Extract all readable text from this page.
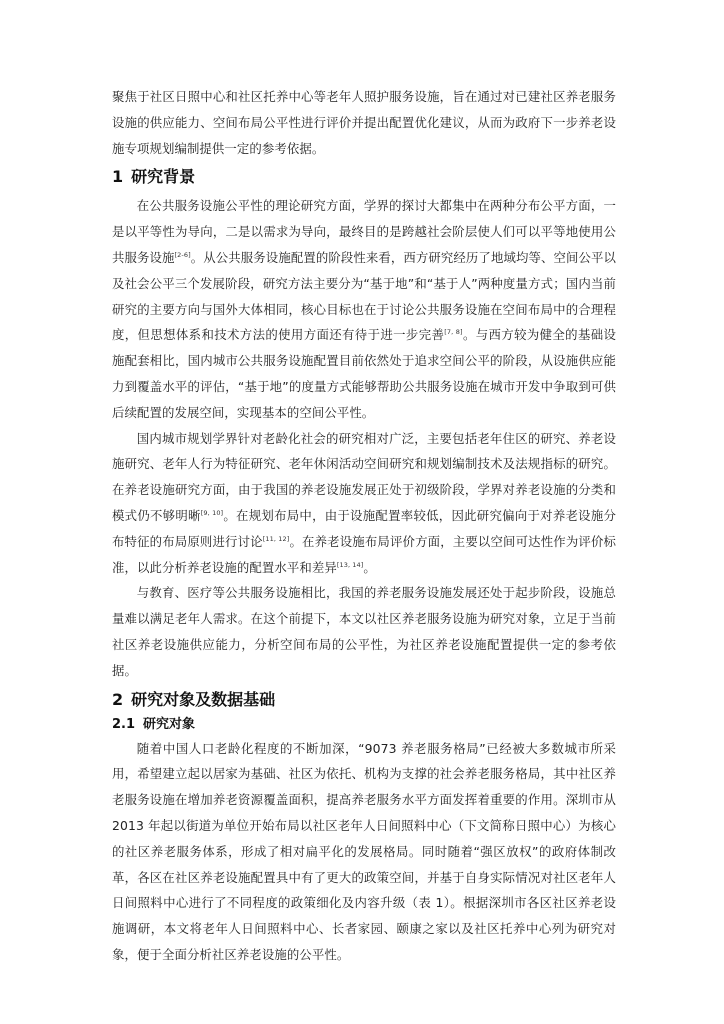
聚焦于社区日照中心和社区托养中心等老年人照护服务设施，旨在通过对已建社区养老服务设施的供应能力、空间布局公平性进行评价并提出配置优化建议，从而为政府下一步养老设施专项规划编制提供一定的参考依据。

1 研究背景

在公共服务设施公平性的理论研究方面，学界的探讨大都集中在两种分布公平方面，一是以平等性为导向，二是以需求为导向，最终目的是跨越社会阶层使人们可以平等地使用公共服务设施[2-6]。从公共服务设施配置的阶段性来看，西方研究经历了地域均等、空间公平以及社会公平三个发展阶段，研究方法主要分为“基于地”和“基于人”两种度量方式；国内当前研究的主要方向与国外大体相同，核心目标也在于讨论公共服务设施在空间布局中的合理程度，但思想体系和技术方法的使用方面还有待于进一步完善[7, 8]。与西方较为健全的基础设施配套相比，国内城市公共服务设施配置目前依然处于追求空间公平的阶段，从设施供应能力到覆盖水平的评估，“基于地”的度量方式能够帮助公共服务设施在城市开发中争取到可供后续配置的发展空间，实现基本的空间公平性。

国内城市规划学界针对老龄化社会的研究相对广泛，主要包括老年住区的研究、养老设施研究、老年人行为特征研究、老年休闲活动空间研究和规划编制技术及法规指标的研究。在养老设施研究方面，由于我国的养老设施发展正处于初级阶段，学界对养老设施的分类和模式仍不够明晰[9, 10]。在规划布局中，由于设施配置率较低，因此研究偏向于对养老设施分布特征的布局原则进行讨论[11, 12]。在养老设施布局评价方面，主要以空间可达性作为评价标准，以此分析养老设施的配置水平和差异[13, 14]。

与教育、医疗等公共服务设施相比，我国的养老服务设施发展还处于起步阶段，设施总量难以满足老年人需求。在这个前提下，本文以社区养老服务设施为研究对象，立足于当前社区养老设施供应能力，分析空间布局的公平性，为社区养老设施配置提供一定的参考依据。

2 研究对象及数据基础
2.1 研究对象

随着中国人口老龄化程度的不断加深，“9073 养老服务格局”已经被大多数城市所采用，希望建立起以居家为基础、社区为依托、机构为支撑的社会养老服务格局，其中社区养老服务设施在增加养老资源覆盖面积，提高养老服务水平方面发挥着重要的作用。深圳市从2013 年起以街道为单位开始布局以社区老年人日间照料中心（下文简称日照中心）为核心的社区养老服务体系，形成了相对扁平化的发展格局。同时随着“强区放权”的政府体制改革，各区在社区养老设施配置具中有了更大的政策空间，并基于自身实际情况对社区老年人日间照料中心进行了不同程度的政策细化及内容升级（表 1）。根据深圳市各区社区养老设施调研，本文将老年人日间照料中心、长者家园、颐康之家以及社区托养中心列为研究对象，便于全面分析社区养老设施的公平性。
